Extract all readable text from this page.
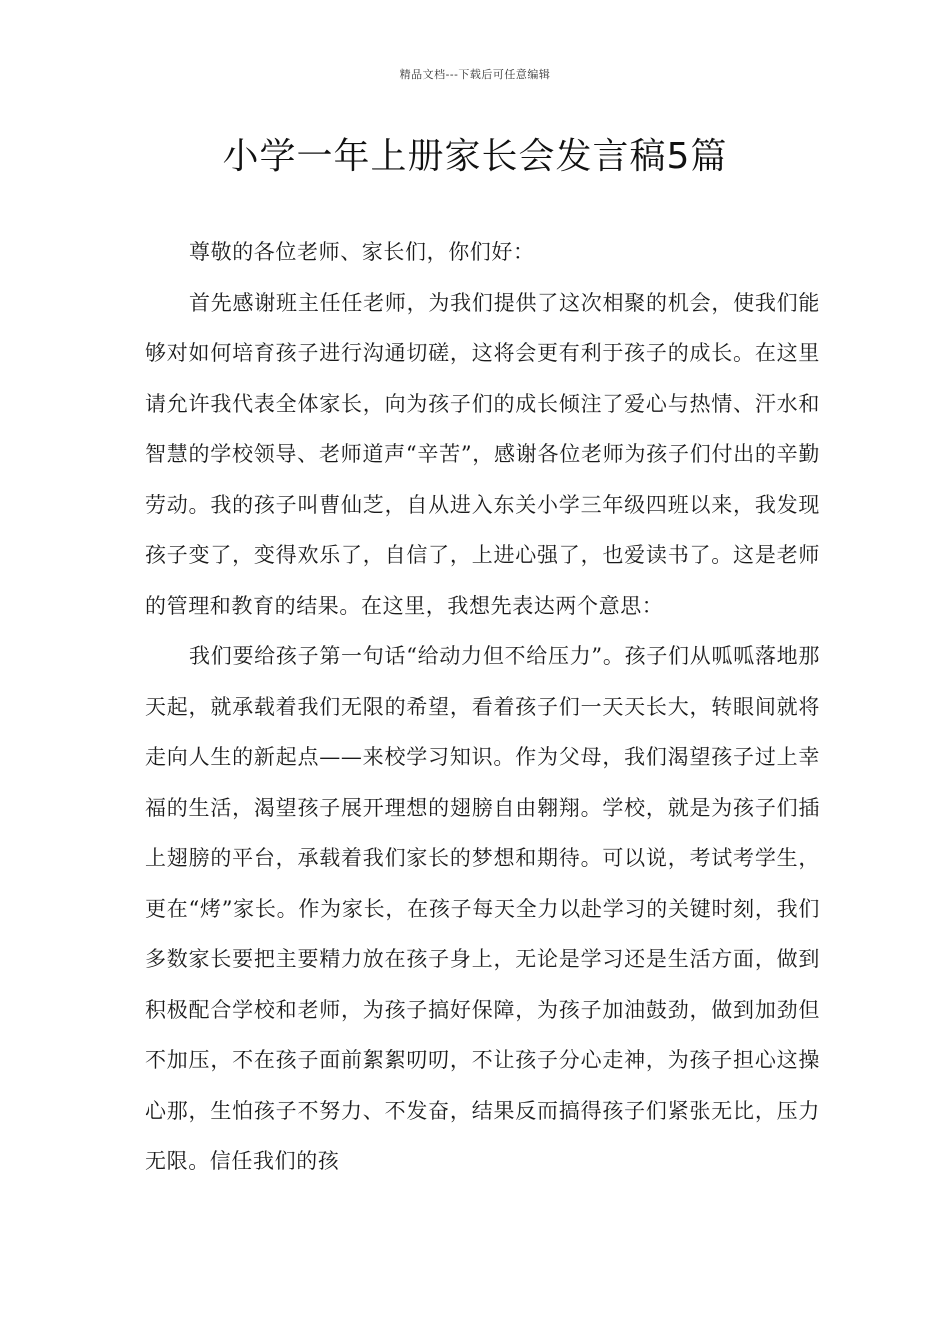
精品文档---下载后可任意编辑
小学一年上册家长会发言稿5篇

尊敬的各位老师、家长们，你们好：

首先感谢班主任任老师，为我们提供了这次相聚的机会，使我们能够对如何培育孩子进行沟通切磋，这将会更有利于孩子的成长。在这里请允许我代表全体家长，向为孩子们的成长倾注了爱心与热情、汗水和智慧的学校领导、老师道声“辛苦”，感谢各位老师为孩子们付出的辛勤劳动。我的孩子叫曹仙芝，自从进入东关小学三年级四班以来，我发现孩子变了，变得欢乐了，自信了，上进心强了，也爱读书了。这是老师的管理和教育的结果。在这里，我想先表达两个意思：

我们要给孩子第一句话“给动力但不给压力”。孩子们从呱呱落地那天起，就承载着我们无限的希望，看着孩子们一天天长大，转眼间就将走向人生的新起点——来校学习知识。作为父母，我们渴望孩子过上幸福的生活，渴望孩子展开理想的翅膀自由翱翔。学校，就是为孩子们插上翅膀的平台，承载着我们家长的梦想和期待。可以说，考试考学生，更在“烤”家长。作为家长，在孩子每天全力以赴学习的关键时刻，我们多数家长要把主要精力放在孩子身上，无论是学习还是生活方面，做到积极配合学校和老师，为孩子搞好保障，为孩子加油鼓劲，做到加劲但不加压，不在孩子面前絮絮叨叨，不让孩子分心走神，为孩子担心这操心那，生怕孩子不努力、不发奋，结果反而搞得孩子们紧张无比，压力无限。信任我们的孩
